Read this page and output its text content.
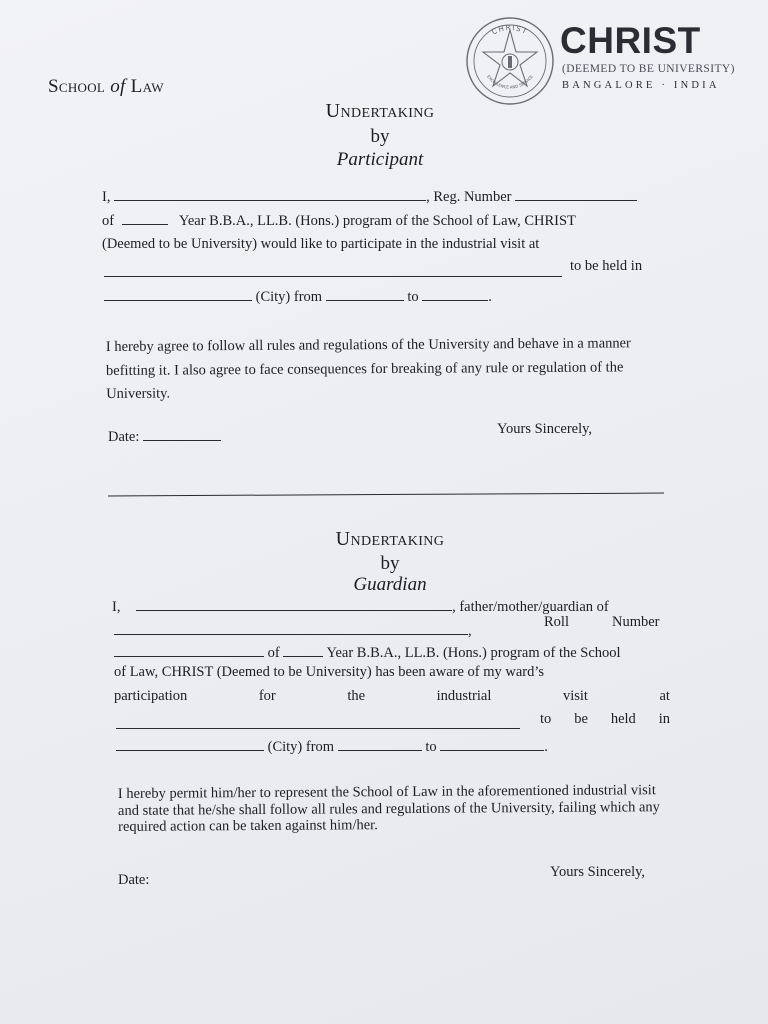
School of Law
CHRIST
EXCELLENCE AND SERVICE
CHRIST
(DEEMED TO BE UNIVERSITY)
BANGALORE · INDIA
Undertaking
by
Participant
I,	, Reg. Number
of	Year B.B.A., LL.B. (Hons.) program of the School of Law, CHRIST
(Deemed to be University) would like to participate in the industrial visit at
to be held in
(City) from	to	.
I hereby agree to follow all rules and regulations of the University and behave in a manner befitting it. I also agree to face consequences for breaking of any rule or regulation of the University.
Date:	Yours Sincerely,
Undertaking
by
Guardian
I,	, father/mother/guardian of
,
Roll	Number
of	Year B.B.A., LL.B. (Hons.) program of the School
of Law, CHRIST (Deemed to be University) has been aware of my ward’s
participation	for	the	industrial	visit	at
to be held in
(City) from	to	.
I hereby permit him/her to represent the School of Law in the aforementioned industrial visit and state that he/she shall follow all rules and regulations of the University, failing which any required action can be taken against him/her.
Date:	Yours Sincerely,
